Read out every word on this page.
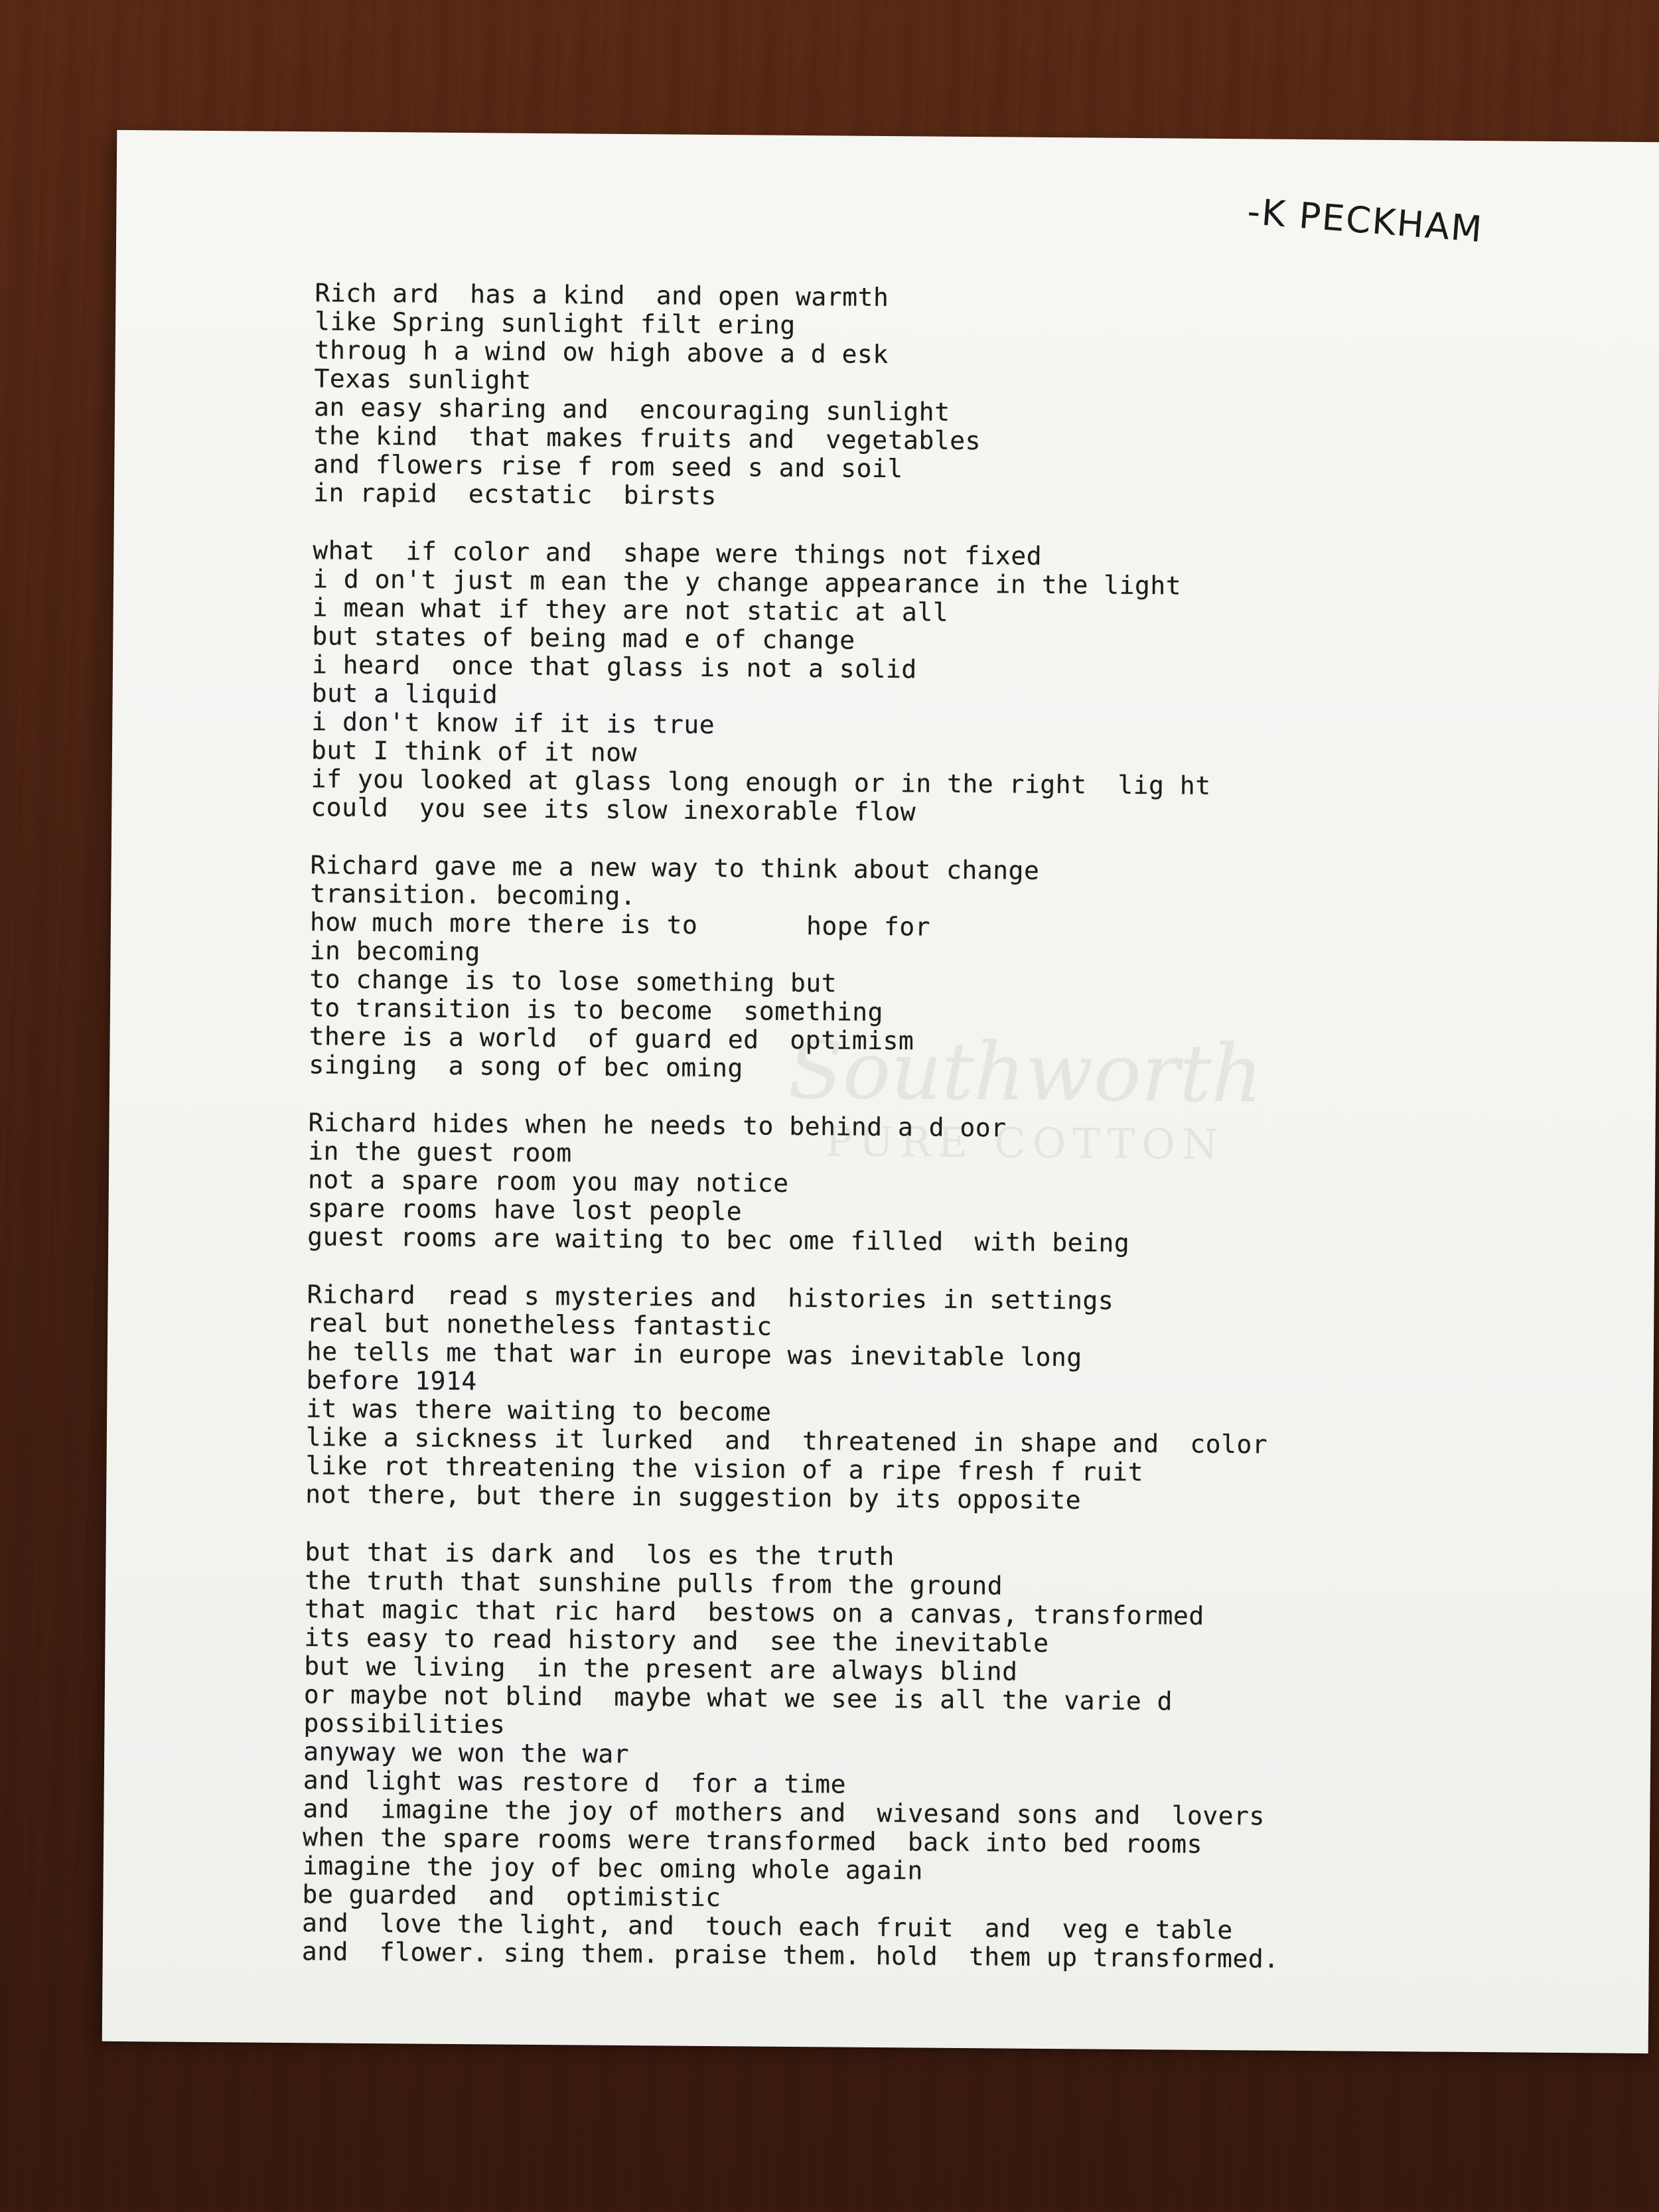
-K PECKHAM
Southworth
PURE COTTON
Rich ard  has a kind  and open warmth
like Spring sunlight filt ering
throug h a wind ow high above a d esk
Texas sunlight
an easy sharing and  encouraging sunlight
the kind  that makes fruits and  vegetables
and flowers rise f rom seed s and soil
in rapid  ecstatic  birsts
what  if color and  shape were things not fixed
i d on't just m ean the y change appearance in the light
i mean what if they are not static at all
but states of being mad e of change
i heard  once that glass is not a solid
but a liquid
i don't know if it is true
but I think of it now
if you looked at glass long enough or in the right  lig ht
could  you see its slow inexorable flow
Richard gave me a new way to think about change
transition. becoming.
how much more there is to       hope for
in becoming
to change is to lose something but
to transition is to become  something
there is a world  of guard ed  optimism
singing  a song of bec oming
Richard hides when he needs to behind a d oor
in the guest room
not a spare room you may notice
spare rooms have lost people
guest rooms are waiting to bec ome filled  with being
Richard  read s mysteries and  histories in settings
real but nonetheless fantastic
he tells me that war in europe was inevitable long
before 1914
it was there waiting to become
like a sickness it lurked  and  threatened in shape and  color
like rot threatening the vision of a ripe fresh f ruit
not there, but there in suggestion by its opposite
but that is dark and  los es the truth
the truth that sunshine pulls from the ground
that magic that ric hard  bestows on a canvas, transformed
its easy to read history and  see the inevitable
but we living  in the present are always blind
or maybe not blind  maybe what we see is all the varie d
possibilities
anyway we won the war
and light was restore d  for a time
and  imagine the joy of mothers and  wivesand sons and  lovers
when the spare rooms were transformed  back into bed rooms
imagine the joy of bec oming whole again
be guarded  and  optimistic
and  love the light, and  touch each fruit  and  veg e table
and  flower. sing them. praise them. hold  them up transformed.
